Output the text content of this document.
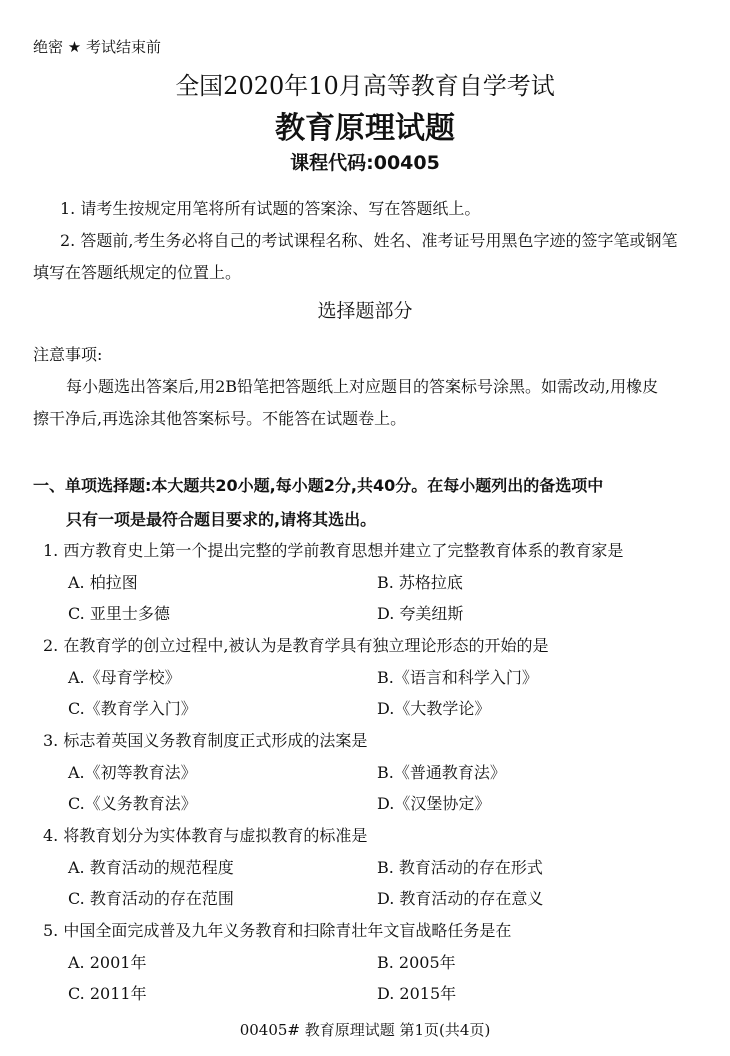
绝密 ★ 考试结束前
全国2020年10月高等教育自学考试
教育原理试题
课程代码:00405
1. 请考生按规定用笔将所有试题的答案涂、写在答题纸上。
2. 答题前,考生务必将自己的考试课程名称、姓名、准考证号用黑色字迹的签字笔或钢笔
填写在答题纸规定的位置上。
选择题部分
注意事项:
每小题选出答案后,用2B铅笔把答题纸上对应题目的答案标号涂黑。如需改动,用橡皮
擦干净后,再选涂其他答案标号。不能答在试题卷上。
一、单项选择题:本大题共20小题,每小题2分,共40分。在每小题列出的备选项中
只有一项是最符合题目要求的,请将其选出。
1. 西方教育史上第一个提出完整的学前教育思想并建立了完整教育体系的教育家是
A. 柏拉图	B. 苏格拉底
C. 亚里士多德	D. 夸美纽斯
2. 在教育学的创立过程中,被认为是教育学具有独立理论形态的开始的是
A.《母育学校》	B.《语言和科学入门》
C.《教育学入门》	D.《大教学论》
3. 标志着英国义务教育制度正式形成的法案是
A.《初等教育法》	B.《普通教育法》
C.《义务教育法》	D.《汉堡协定》
4. 将教育划分为实体教育与虚拟教育的标准是
A. 教育活动的规范程度	B. 教育活动的存在形式
C. 教育活动的存在范围	D. 教育活动的存在意义
5. 中国全面完成普及九年义务教育和扫除青壮年文盲战略任务是在
A. 2001年	B. 2005年
C. 2011年	D. 2015年
00405# 教育原理试题 第1页(共4页)
